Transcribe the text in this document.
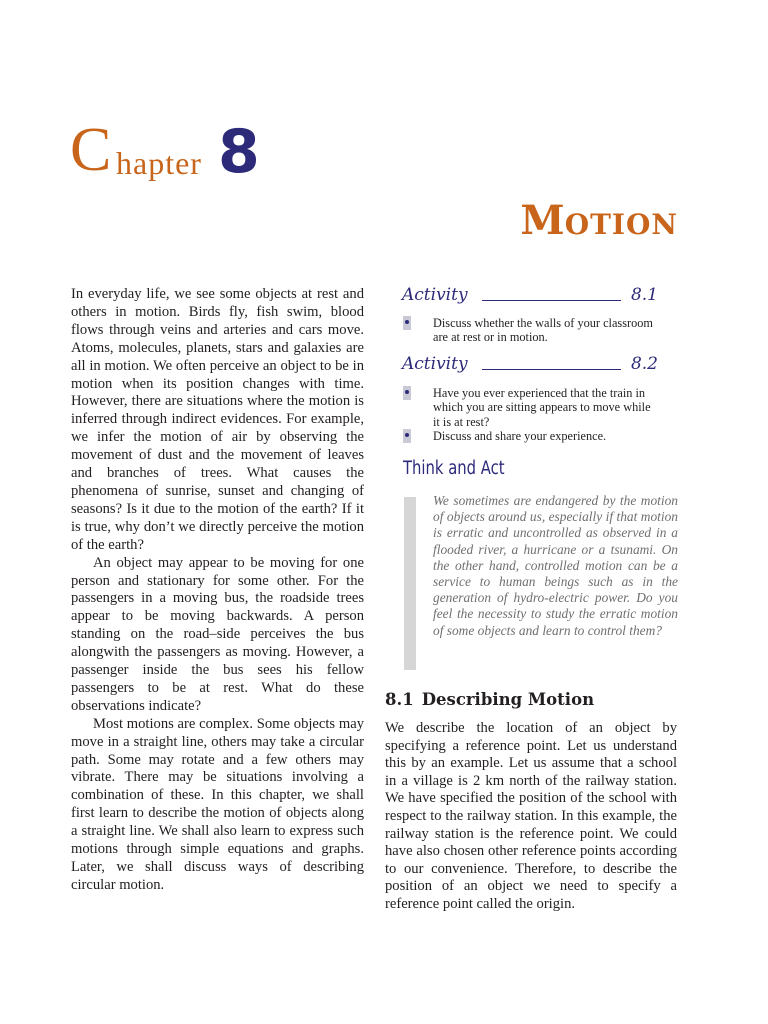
C hapter 8
MOTION

In everyday life, we see some objects at rest and others in motion. Birds fly, fish swim, blood flows through veins and arteries and cars move. Atoms, molecules, planets, stars and galaxies are all in motion. We often perceive an object to be in motion when its position changes with time. However, there are situations where the motion is inferred through indirect evidences. For example, we infer the motion of air by observing the movement of dust and the movement of leaves and branches of trees. What causes the phenomena of sunrise, sunset and changing of seasons? Is it due to the motion of the earth? If it is true, why don’t we directly perceive the motion of the earth?

An object may appear to be moving for one person and stationary for some other. For the passengers in a moving bus, the roadside trees appear to be moving backwards. A person standing on the road–side perceives the bus alongwith the passengers as moving. However, a passenger inside the bus sees his fellow passengers to be at rest. What do these observations indicate?

Most motions are complex. Some objects may move in a straight line, others may take a circular path. Some may rotate and a few others may vibrate. There may be situations involving a combination of these. In this chapter, we shall first learn to describe the motion of objects along a straight line. We shall also learn to express such motions through simple equations and graphs. Later, we shall discuss ways of describing circular motion.

Activity	8.1
Discuss whether the walls of your classroom are at rest or in motion.
Activity	8.2
Have you ever experienced that the train in which you are sitting appears to move while it is at rest?
Discuss and share your experience.
Think and Act

We sometimes are endangered by the motion of objects around us, especially if that motion is erratic and uncontrolled as observed in a flooded river, a hurricane or a tsunami. On the other hand, controlled motion can be a service to human beings such as in the generation of hydro-electric power. Do you feel the necessity to study the erratic motion of some objects and learn to control them?

8.1 Describing Motion

We describe the location of an object by specifying a reference point. Let us understand this by an example. Let us assume that a school in a village is 2 km north of the railway station. We have specified the position of the school with respect to the railway station. In this example, the railway station is the reference point. We could have also chosen other reference points according to our convenience. Therefore, to describe the position of an object we need to specify a reference point called the origin.
